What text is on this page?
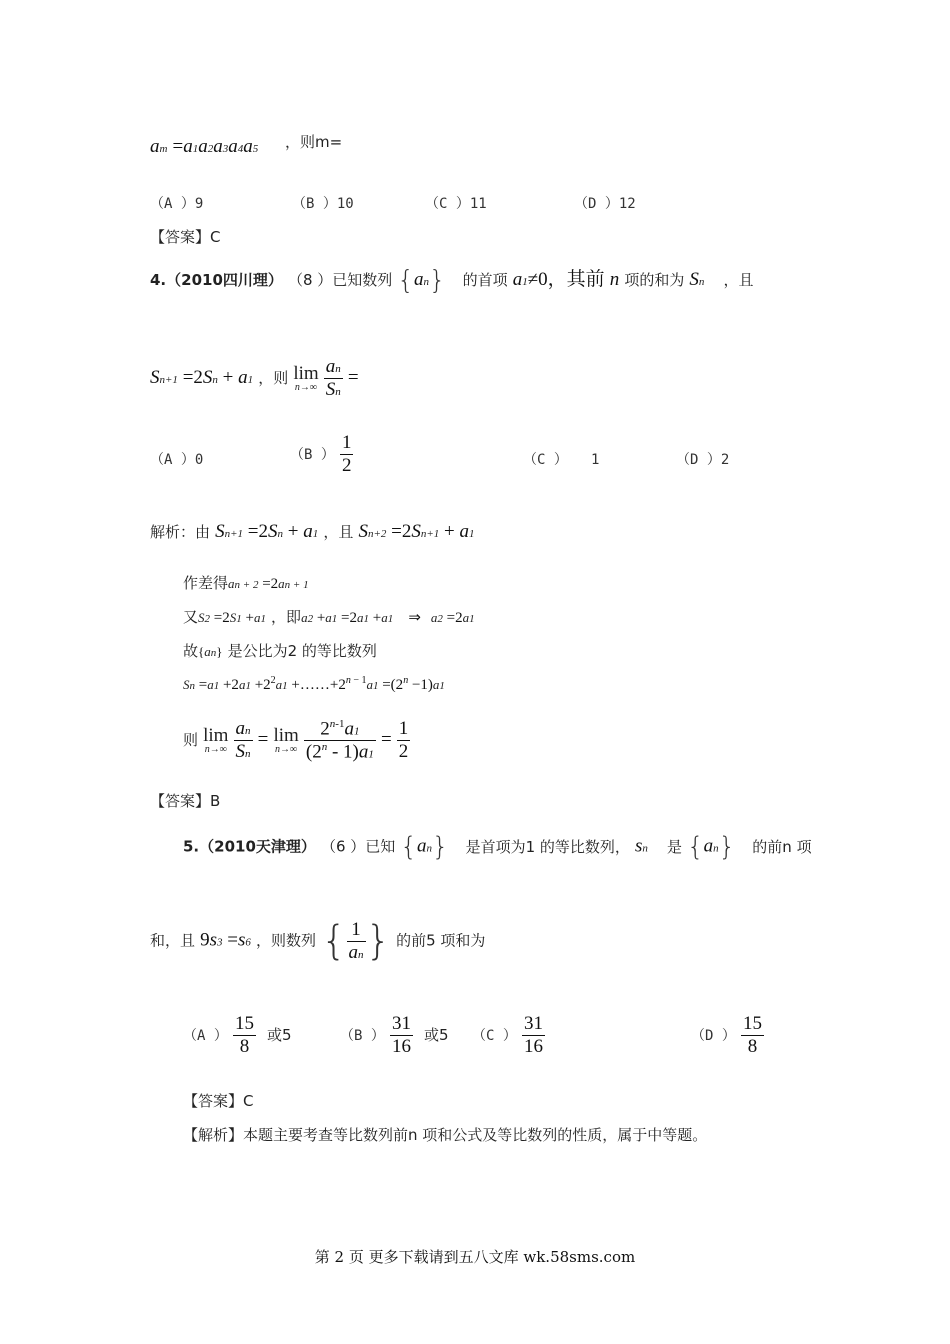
am =a1a2a3a4a5 ，则m=
（A ）9	（B ）10	（C ）11	（D ）12
【答案】C
4.（2010四川理） （8 ）已知数列 {an} 的首项 a1≠0，其前 n 项的和为 Sn ，且
Sn+1 =2Sn + a1 ，则 lim
n→∞
$\frac{an}{Sn}$ =
（A ）0	（B ） $\frac{1}{2}$	（C ） 1	（D ）2
解析：由 Sn+1 =2Sn + a1 ，且 Sn+2 =2Sn+1 + a1
作差得an + 2 =2an + 1
又S2 =2S1 +a1 ，即a2 +a1 =2a1 +a1 ⇒ a2 =2a1
故{an} 是公比为2 的等比数列
$Sn =a1 +2a1 +2^2a1$ $+\dots\dots+2^{n - 1}a1 =(2^n -1)a1$
则 lim
n→∞
$\frac{an}{Sn} = \lim$
n→∞
$\frac{2^{n-1}a1}{(2^n - 1)a1} = \frac{1}{2}$
【答案】B
5.（2010天津理） （6 ）已知 {an} 是首项为1 的等比数列， sn 是 {an} 的前n 项
和，且 9s3 =s6 ，则数列 { $\frac{1}{an}$ } 的前5 项和为
（A ） $\frac{15}{8}$ 或5	（B ） $\frac{31}{16}$ 或5 （C ） $\frac{31}{16}$	（D ） $\frac{15}{8}$
【答案】C
【解析】本题主要考查等比数列前n 项和公式及等比数列的性质，属于中等题。
第 2 页 更多下载请到五八文库 wk.58sms.com
